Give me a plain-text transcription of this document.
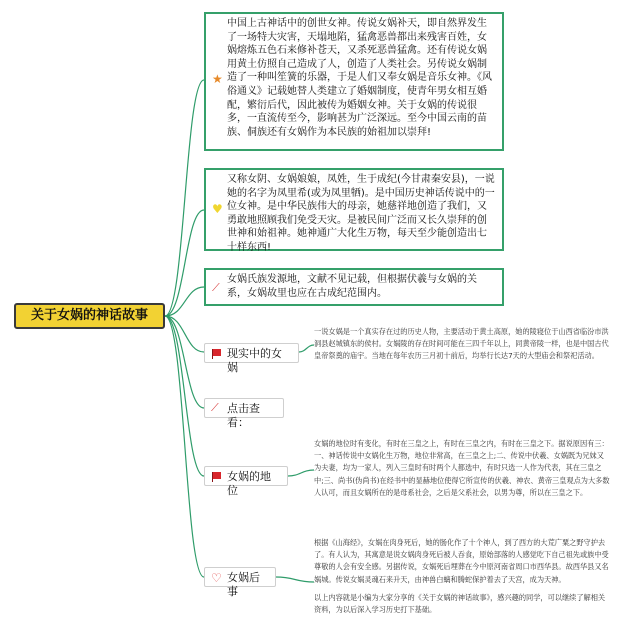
关于女娲的神话故事
★
中国上古神话中的创世女神。传说女娲补天，即自然界发生了一场特大灾害，天塌地陷，猛禽恶兽都出来残害百姓，女娲熔炼五色石来修补苍天，又杀死恶兽猛禽。还有传说女娲用黄土仿照自己造成了人，创造了人类社会。另传说女娲制造了一种叫笙簧的乐器，于是人们又奉女娲是音乐女神。《风俗通义》记载她替人类建立了婚姻制度，使青年男女相互婚配，繁衍后代，因此被传为婚姻女神。关于女娲的传说很多，一直流传至今，影响甚为广泛深远。至今中国云南的苗族、侗族还有女娲作为本民族的始祖加以崇拜!
♥
又称女阴、女娲娘娘，凤姓，生于成纪(今甘肃秦安县)，一说她的名字为凤里希(或为凤里牺)。是中国历史神话传说中的一位女神。是中华民族伟大的母亲，她慈祥地创造了我们，又勇敢地照顾我们免受天灾。是被民间广泛而又长久崇拜的创世神和始祖神。她神通广大化生万物，每天至少能创造出七十样东西!
⟋
女娲氏族发源地，文献不见记载，但根据伏羲与女娲的关系，女娲故里也应在古成纪范围内。
现实中的女娲
一说女娲是一个真实存在过的历史人物，主要活动于黄土高原，她的陵寝位于山西省临汾市洪洞县赵城镇东的侯村。女娲陵的存在时间可能在三四千年以上，同黄帝陵一样，也是中国古代皇帝祭奠的庙宇。当地在每年农历三月初十前后，均举行长达7天的大型庙会和祭祀活动。
⟋ 点击查看：
女娲的地位
女娲的地位时有变化，有时在三皇之上，有时在三皇之内，有时在三皇之下。据说原因有三：一、神话传说中女娲化生万物，地位非常高，在三皇之上;二、传说中伏羲、女娲既为兄妹又为夫妻，均为一家人，列入三皇时有时两个人都选中，有时只选一人作为代表，其在三皇之中;三、尚书(伪尚书)在经书中的显赫地位使得它所宣传的伏羲、神农、黄帝三皇观点为大多数人认可，而且女娲所在的是母系社会，之后是父系社会，以男为尊，所以在三皇之下。
♡ 女娲后事

根据《山海经》，女娲在肉身死后，她的肠化作了十个神人，到了西方的大荒广粟之野守护去了。有人认为，其寓意是说女娲肉身死后被人吞食，原始部落的人感觉吃下自己祖先或族中受尊敬的人会有安全感。另据传说，女娲死后埋葬在今中原河南省周口市西华县。故西华县又名娲城。传说女娲灵魂石来升天，由神兽白螭和腾蛇保护着去了天宫，成为天神。

以上内容就是小编为大家分享的《关于女娲的神话故事》，感兴趣的同学，可以继续了解相关资料，为以后深入学习历史打下基础。
